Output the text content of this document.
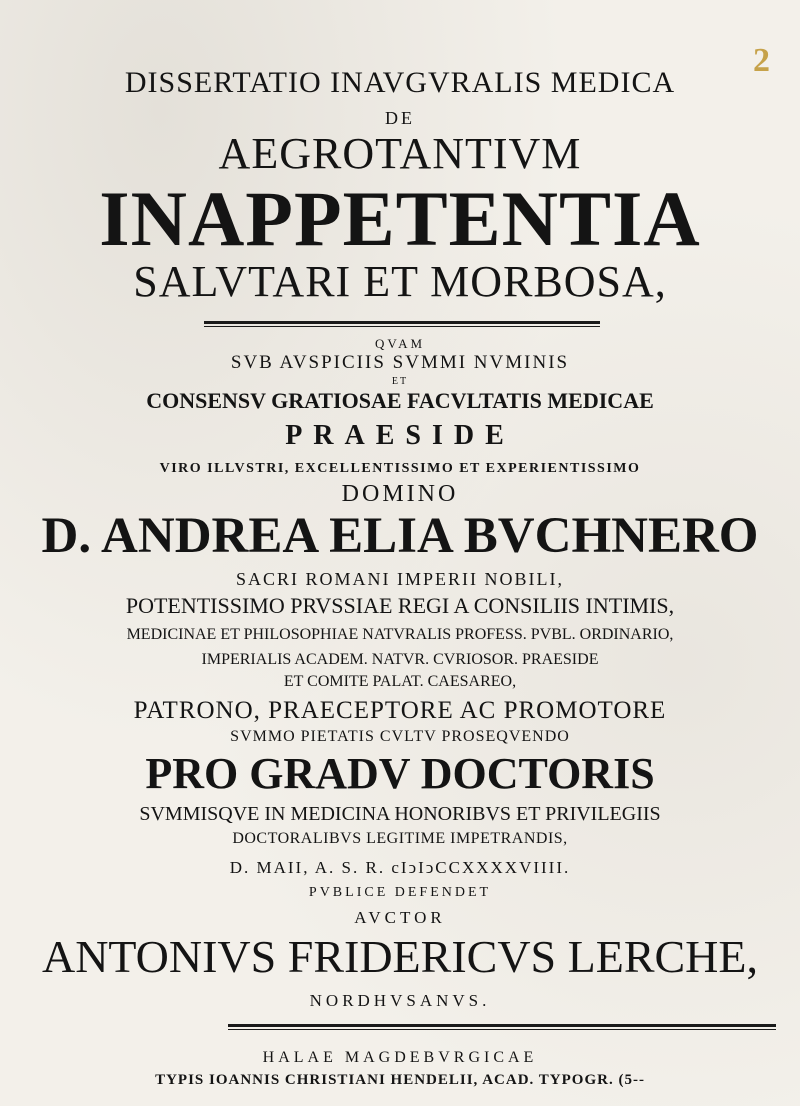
2
DISSERTATIO INAVGVRALIS MEDICA
DE
AEGROTANTIVM
INAPPETENTIA
SALVTARI ET MORBOSA,
QVAM
SVB AVSPICIIS SVMMI NVMINIS
ET
CONSENSV GRATIOSAE FACVLTATIS MEDICAE
PRAESIDE
VIRO ILLVSTRI, EXCELLENTISSIMO ET EXPERIENTISSIMO
DOMINO
D. ANDREA ELIA BVCHNERO
SACRI ROMANI IMPERII NOBILI,
POTENTISSIMO PRVSSIAE REGI A CONSILIIS INTIMIS,
MEDICINAE ET PHILOSOPHIAE NATVRALIS PROFESS. PVBL. ORDINARIO,
IMPERIALIS ACADEM. NATVR. CVRIOSOR. PRAESIDE
ET COMITE PALAT. CAESAREO,
PATRONO, PRAECEPTORE AC PROMOTORE
SVMMO PIETATIS CVLTV PROSEQVENDO
PRO GRADV DOCTORIS
SVMMISQVE IN MEDICINA HONORIBVS ET PRIVILEGIIS
DOCTORALIBVS LEGITIME IMPETRANDIS,
D. MAII, A. S. R. cIↄIↄCCXXXXVIIII.
PVBLICE DEFENDET
AVCTOR
ANTONIVS FRIDERICVS LERCHE,
NORDHVSANVS.
HALAE MAGDEBVRGICAE
TYPIS IOANNIS CHRISTIANI HENDELII, ACAD. TYPOGR. (5--
